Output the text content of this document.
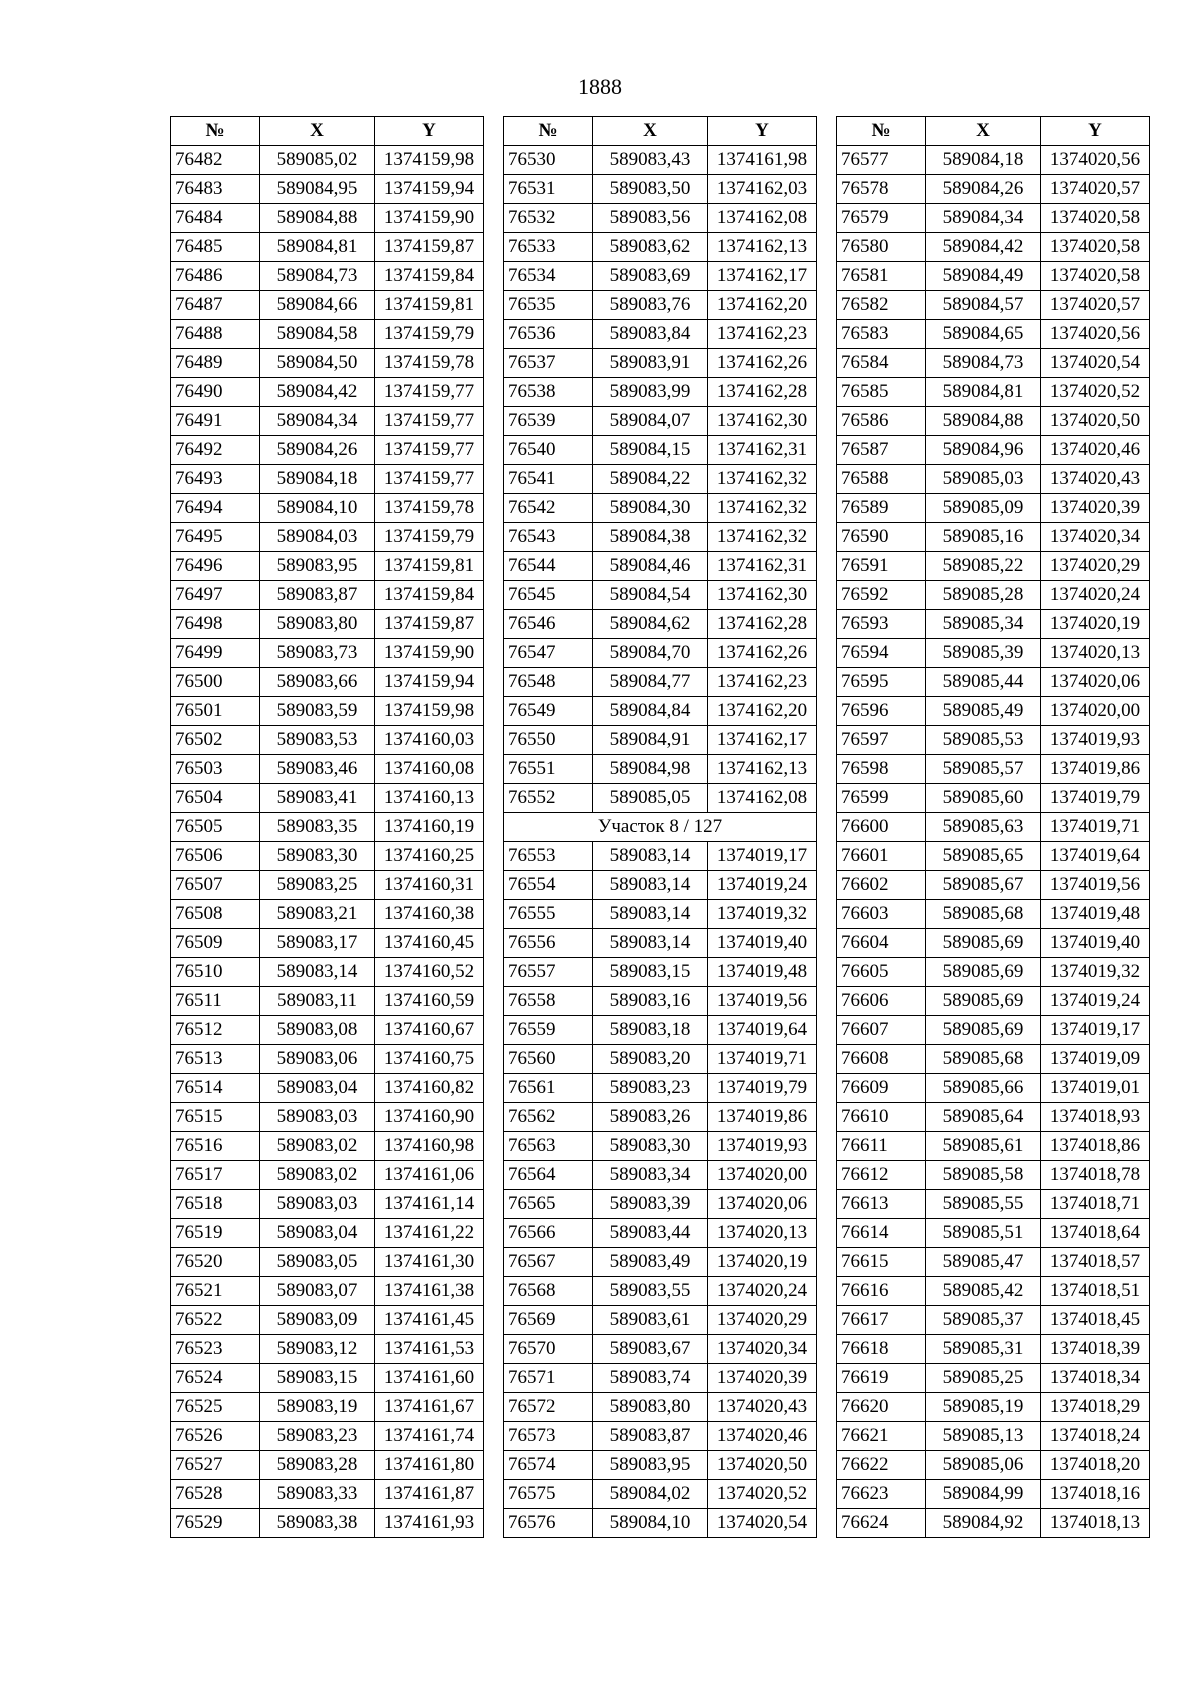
1888
№	X	Y
76482	589085,02	1374159,98
76483	589084,95	1374159,94
76484	589084,88	1374159,90
76485	589084,81	1374159,87
76486	589084,73	1374159,84
76487	589084,66	1374159,81
76488	589084,58	1374159,79
76489	589084,50	1374159,78
76490	589084,42	1374159,77
76491	589084,34	1374159,77
76492	589084,26	1374159,77
76493	589084,18	1374159,77
76494	589084,10	1374159,78
76495	589084,03	1374159,79
76496	589083,95	1374159,81
76497	589083,87	1374159,84
76498	589083,80	1374159,87
76499	589083,73	1374159,90
76500	589083,66	1374159,94
76501	589083,59	1374159,98
76502	589083,53	1374160,03
76503	589083,46	1374160,08
76504	589083,41	1374160,13
76505	589083,35	1374160,19
76506	589083,30	1374160,25
76507	589083,25	1374160,31
76508	589083,21	1374160,38
76509	589083,17	1374160,45
76510	589083,14	1374160,52
76511	589083,11	1374160,59
76512	589083,08	1374160,67
76513	589083,06	1374160,75
76514	589083,04	1374160,82
76515	589083,03	1374160,90
76516	589083,02	1374160,98
76517	589083,02	1374161,06
76518	589083,03	1374161,14
76519	589083,04	1374161,22
76520	589083,05	1374161,30
76521	589083,07	1374161,38
76522	589083,09	1374161,45
76523	589083,12	1374161,53
76524	589083,15	1374161,60
76525	589083,19	1374161,67
76526	589083,23	1374161,74
76527	589083,28	1374161,80
76528	589083,33	1374161,87
76529	589083,38	1374161,93
№	X	Y
76530	589083,43	1374161,98
76531	589083,50	1374162,03
76532	589083,56	1374162,08
76533	589083,62	1374162,13
76534	589083,69	1374162,17
76535	589083,76	1374162,20
76536	589083,84	1374162,23
76537	589083,91	1374162,26
76538	589083,99	1374162,28
76539	589084,07	1374162,30
76540	589084,15	1374162,31
76541	589084,22	1374162,32
76542	589084,30	1374162,32
76543	589084,38	1374162,32
76544	589084,46	1374162,31
76545	589084,54	1374162,30
76546	589084,62	1374162,28
76547	589084,70	1374162,26
76548	589084,77	1374162,23
76549	589084,84	1374162,20
76550	589084,91	1374162,17
76551	589084,98	1374162,13
76552	589085,05	1374162,08
Участок 8 / 127		
76553	589083,14	1374019,17
76554	589083,14	1374019,24
76555	589083,14	1374019,32
76556	589083,14	1374019,40
76557	589083,15	1374019,48
76558	589083,16	1374019,56
76559	589083,18	1374019,64
76560	589083,20	1374019,71
76561	589083,23	1374019,79
76562	589083,26	1374019,86
76563	589083,30	1374019,93
76564	589083,34	1374020,00
76565	589083,39	1374020,06
76566	589083,44	1374020,13
76567	589083,49	1374020,19
76568	589083,55	1374020,24
76569	589083,61	1374020,29
76570	589083,67	1374020,34
76571	589083,74	1374020,39
76572	589083,80	1374020,43
76573	589083,87	1374020,46
76574	589083,95	1374020,50
76575	589084,02	1374020,52
76576	589084,10	1374020,54
№	X	Y
76577	589084,18	1374020,56
76578	589084,26	1374020,57
76579	589084,34	1374020,58
76580	589084,42	1374020,58
76581	589084,49	1374020,58
76582	589084,57	1374020,57
76583	589084,65	1374020,56
76584	589084,73	1374020,54
76585	589084,81	1374020,52
76586	589084,88	1374020,50
76587	589084,96	1374020,46
76588	589085,03	1374020,43
76589	589085,09	1374020,39
76590	589085,16	1374020,34
76591	589085,22	1374020,29
76592	589085,28	1374020,24
76593	589085,34	1374020,19
76594	589085,39	1374020,13
76595	589085,44	1374020,06
76596	589085,49	1374020,00
76597	589085,53	1374019,93
76598	589085,57	1374019,86
76599	589085,60	1374019,79
76600	589085,63	1374019,71
76601	589085,65	1374019,64
76602	589085,67	1374019,56
76603	589085,68	1374019,48
76604	589085,69	1374019,40
76605	589085,69	1374019,32
76606	589085,69	1374019,24
76607	589085,69	1374019,17
76608	589085,68	1374019,09
76609	589085,66	1374019,01
76610	589085,64	1374018,93
76611	589085,61	1374018,86
76612	589085,58	1374018,78
76613	589085,55	1374018,71
76614	589085,51	1374018,64
76615	589085,47	1374018,57
76616	589085,42	1374018,51
76617	589085,37	1374018,45
76618	589085,31	1374018,39
76619	589085,25	1374018,34
76620	589085,19	1374018,29
76621	589085,13	1374018,24
76622	589085,06	1374018,20
76623	589084,99	1374018,16
76624	589084,92	1374018,13
